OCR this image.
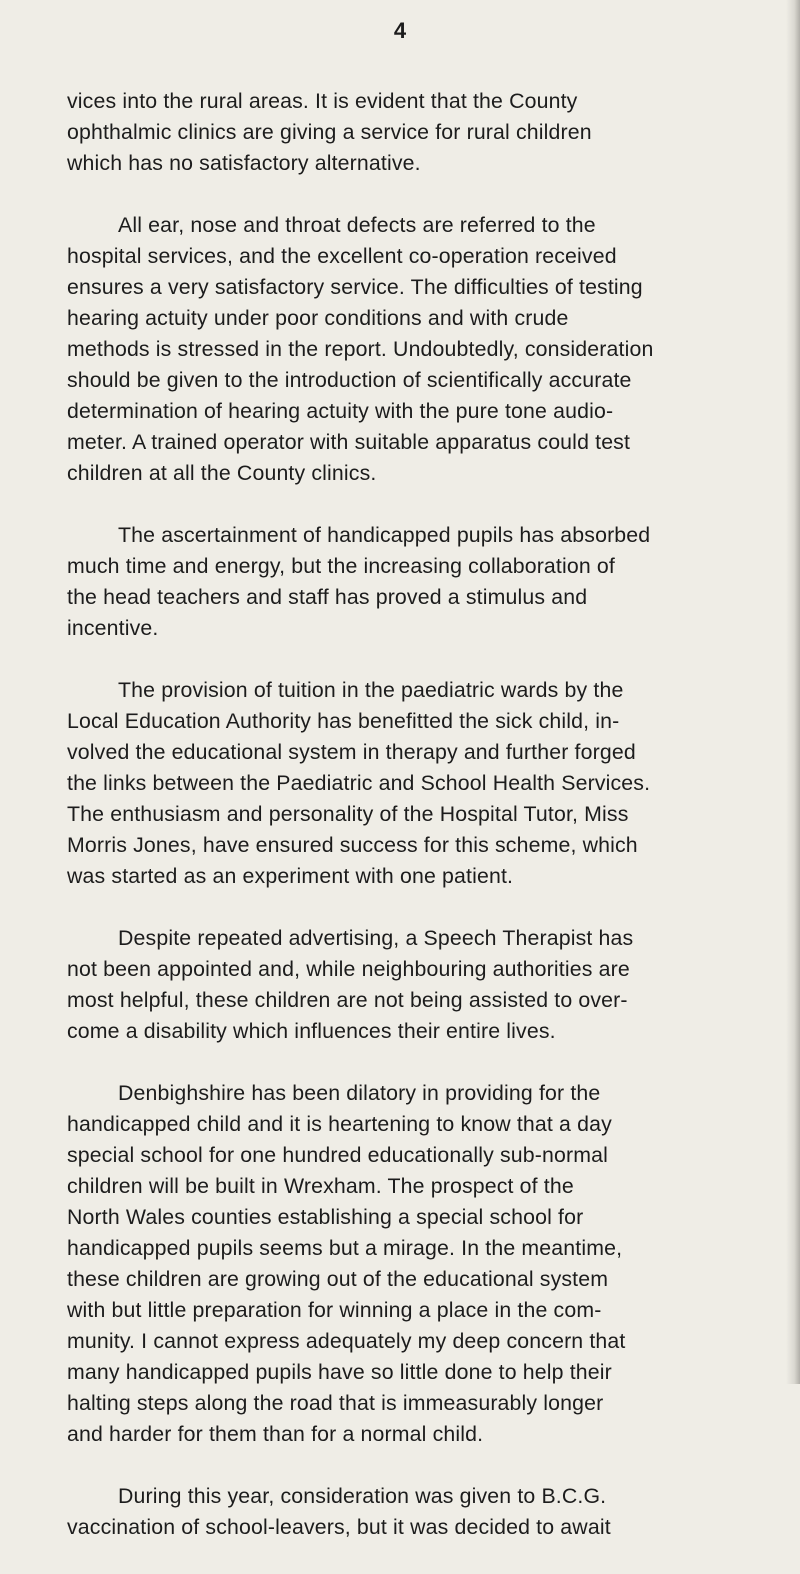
4

vices into the rural areas. It is evident that the County
ophthalmic clinics are giving a service for rural children
which has no satisfactory alternative.

All ear, nose and throat defects are referred to the
hospital services, and the excellent co-operation received
ensures a very satisfactory service. The difficulties of testing
hearing actuity under poor conditions and with crude
methods is stressed in the report. Undoubtedly, consideration
should be given to the introduction of scientifically accurate
determination of hearing actuity with the pure tone audio-
meter. A trained operator with suitable apparatus could test
children at all the County clinics.

The ascertainment of handicapped pupils has absorbed
much time and energy, but the increasing collaboration of
the head teachers and staff has proved a stimulus and
incentive.

The provision of tuition in the paediatric wards by the
Local Education Authority has benefitted the sick child, in-
volved the educational system in therapy and further forged
the links between the Paediatric and School Health Services.
The enthusiasm and personality of the Hospital Tutor, Miss
Morris Jones, have ensured success for this scheme, which
was started as an experiment with one patient.

Despite repeated advertising, a Speech Therapist has
not been appointed and, while neighbouring authorities are
most helpful, these children are not being assisted to over-
come a disability which influences their entire lives.

Denbighshire has been dilatory in providing for the
handicapped child and it is heartening to know that a day
special school for one hundred educationally sub-normal
children will be built in Wrexham. The prospect of the
North Wales counties establishing a special school for
handicapped pupils seems but a mirage. In the meantime,
these children are growing out of the educational system
with but little preparation for winning a place in the com-
munity. I cannot express adequately my deep concern that
many handicapped pupils have so little done to help their
halting steps along the road that is immeasurably longer
and harder for them than for a normal child.

During this year, consideration was given to B.C.G.
vaccination of school-leavers, but it was decided to await
